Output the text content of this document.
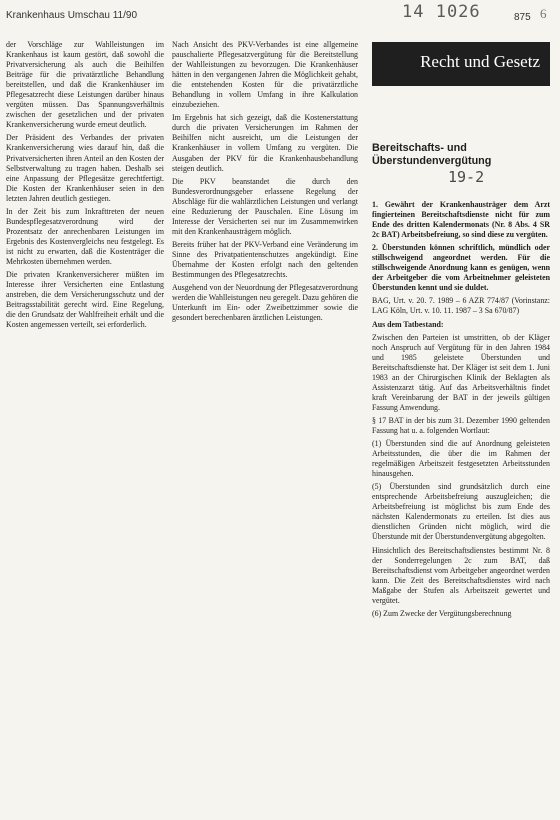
Krankenhaus Umschau 11/90	14 1026	875 6

der Vorschläge zur Wahlleistungen im Krankenhaus ist kaum gestört, daß sowohl die Privatversicherung als auch die Beihilfen Beiträge für die privatärztliche Behandlung bereitstellen, und daß die Krankenhäuser im Pflegesatzrecht diese Leistungen darüber hinaus vergüten müssen. Das Spannungsverhältnis zwischen der gesetzlichen und der privaten Krankenversicherung wurde erneut deutlich.

Der Präsident des Verbandes der privaten Krankenversicherung wies darauf hin, daß die Privatversicherten ihren Anteil an den Kosten der Selbstverwaltung zu tragen haben. Deshalb sei eine Anpassung der Pflegesätze gerechtfertigt. Die Kosten der Krankenhäuser seien in den letzten Jahren deutlich gestiegen.

In der Zeit bis zum Inkrafttreten der neuen Bundespflegesatzverordnung wird der Prozentsatz der anrechenbaren Leistungen im Ergebnis des Kostenvergleichs neu festgelegt. Es ist nicht zu erwarten, daß die Kostenträger die Mehrkosten übernehmen werden.

Die privaten Krankenversicherer müßten im Interesse ihrer Versicherten eine Entlastung anstreben, die dem Versicherungsschutz und der Beitragsstabilität gerecht wird. Eine Regelung, die den Grundsatz der Wahlfreiheit erhält und die Kosten angemessen verteilt, sei erforderlich.

Nach Ansicht des PKV-Verbandes ist eine allgemeine pauschalierte Pflegesatzvergütung für die Bereitstellung der Wahlleistungen zu bevorzugen. Die Krankenhäuser hätten in den vergangenen Jahren die Möglichkeit gehabt, die entstehenden Kosten für die privatärztliche Behandlung in vollem Umfang in ihre Kalkulation einzubeziehen.

Im Ergebnis hat sich gezeigt, daß die Kostenerstattung durch die privaten Versicherungen im Rahmen der Beihilfen nicht ausreicht, um die Leistungen der Krankenhäuser in vollem Umfang zu vergüten. Die Ausgaben der PKV für die Krankenhausbehandlung steigen deutlich.

Die PKV beanstandet die durch den Bundesverordnungsgeber erlassene Regelung der Abschläge für die wahlärztlichen Leistungen und verlangt eine Reduzierung der Pauschalen. Eine Lösung im Interesse der Versicherten sei nur im Zusammenwirken mit den Krankenhausträgern möglich.

Bereits früher hat der PKV-Verband eine Veränderung im Sinne des Privatpatientenschutzes angekündigt. Eine Übernahme der Kosten erfolgt nach den geltenden Bestimmungen des Pflegesatzrechts.

Ausgehend von der Neuordnung der Pflegesatzverordnung werden die Wahlleistungen neu geregelt. Dazu gehören die Unterkunft im Ein- oder Zweibettzimmer sowie die gesondert berechenbaren ärztlichen Leistungen.

Recht und Gesetz
Bereitschafts- und Überstundenvergütung
19-2

1. Gewährt der Krankenhausträger dem Arzt fingierteinen Bereitschaftsdienste nicht für zum Ende des dritten Kalendermonats (Nr. 8 Abs. 4 SR 2c BAT) Arbeitsbefreiung, so sind diese zu vergüten.

2. Überstunden können schriftlich, mündlich oder stillschweigend angeordnet werden. Für die stillschweigende Anordnung kann es genügen, wenn der Arbeitgeber die vom Arbeitnehmer geleisteten Überstunden kennt und sie duldet.

BAG, Urt. v. 20. 7. 1989 – 6 AZR 774/87 (Vorinstanz: LAG Köln, Urt. v. 10. 11. 1987 – 3 Sa 670/87)

Aus dem Tatbestand:

Zwischen den Parteien ist umstritten, ob der Kläger noch Anspruch auf Vergütung für in den Jahren 1984 und 1985 geleistete Überstunden und Bereitschaftsdienste hat. Der Kläger ist seit dem 1. Juni 1983 an der Chirurgischen Klinik der Beklagten als Assistenzarzt tätig. Auf das Arbeitsverhältnis findet kraft Vereinbarung der BAT in der jeweils gültigen Fassung Anwendung.

§ 17 BAT in der bis zum 31. Dezember 1990 geltenden Fassung hat u. a. folgenden Wortlaut:

(1) Überstunden sind die auf Anordnung geleisteten Arbeitsstunden, die über die im Rahmen der regelmäßigen Arbeitszeit festgesetzten Arbeitsstunden hinausgehen.

(5) Überstunden sind grundsätzlich durch eine entsprechende Arbeitsbefreiung auszugleichen; die Arbeitsbefreiung ist möglichst bis zum Ende des nächsten Kalendermonats zu erteilen. Ist dies aus dienstlichen Gründen nicht möglich, wird die Überstunde mit der Überstundenvergütung abgegolten.

Hinsichtlich des Bereitschaftsdienstes bestimmt Nr. 8 der Sonderregelungen 2c zum BAT, daß Bereitschaftsdienst vom Arbeitgeber angeordnet werden kann. Die Zeit des Bereitschaftsdienstes wird nach Maßgabe der Stufen als Arbeitszeit gewertet und vergütet.

(6) Zum Zwecke der Vergütungsberechnung
